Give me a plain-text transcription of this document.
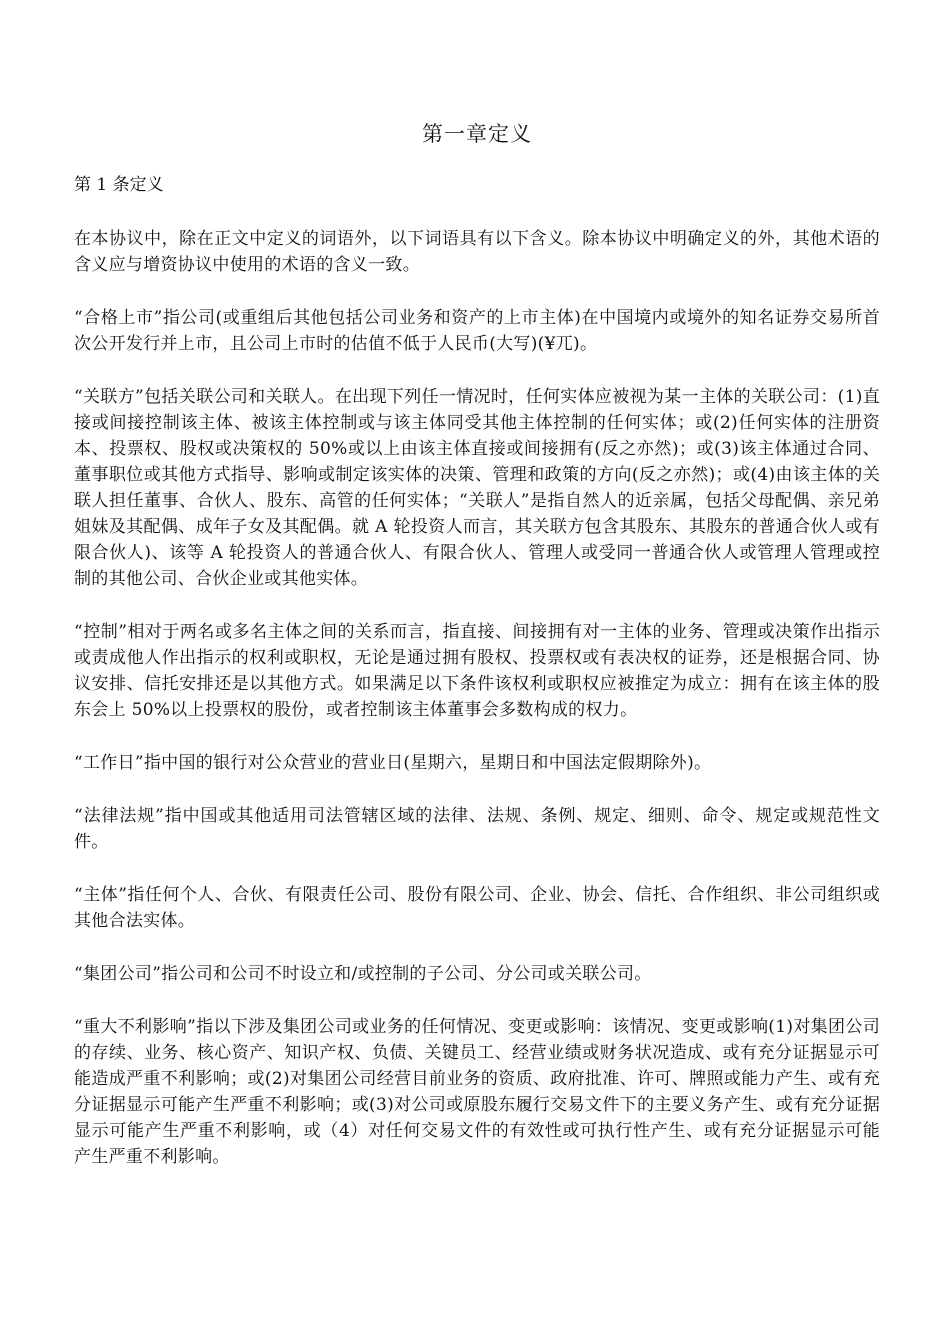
第一章定义
第 1 条定义

在本协议中，除在正文中定义的词语外，以下词语具有以下含义。除本协议中明确定义的外，其他术语的含义应与增资协议中使用的术语的含义一致。

“合格上市”指公司(或重组后其他包括公司业务和资产的上市主体)在中国境内或境外的知名证券交易所首次公开发行并上市，且公司上市时的估值不低于人民币(大写)(¥兀)。

“关联方”包括关联公司和关联人。在出现下列任一情况时，任何实体应被视为某一主体的关联公司：(1)直接或间接控制该主体、被该主体控制或与该主体同受其他主体控制的任何实体；或(2)任何实体的注册资本、投票权、股权或决策权的 50%或以上由该主体直接或间接拥有(反之亦然)；或(3)该主体通过合同、董事职位或其他方式指导、影响或制定该实体的决策、管理和政策的方向(反之亦然)；或(4)由该主体的关联人担任董事、合伙人、股东、高管的任何实体；“关联人”是指自然人的近亲属，包括父母配偶、亲兄弟姐妹及其配偶、成年子女及其配偶。就 A 轮投资人而言，其关联方包含其股东、其股东的普通合伙人或有限合伙人)、该等 A 轮投资人的普通合伙人、有限合伙人、管理人或受同一普通合伙人或管理人管理或控制的其他公司、合伙企业或其他实体。

“控制”相对于两名或多名主体之间的关系而言，指直接、间接拥有对一主体的业务、管理或决策作出指示或责成他人作出指示的权利或职权，无论是通过拥有股权、投票权或有表决权的证券，还是根据合同、协议安排、信托安排还是以其他方式。如果满足以下条件该权利或职权应被推定为成立：拥有在该主体的股东会上 50%以上投票权的股份，或者控制该主体董事会多数构成的权力。

“工作日”指中国的银行对公众营业的营业日(星期六，星期日和中国法定假期除外)。

“法律法规”指中国或其他适用司法管辖区域的法律、法规、条例、规定、细则、命令、规定或规范性文件。

“主体”指任何个人、合伙、有限责任公司、股份有限公司、企业、协会、信托、合作组织、非公司组织或其他合法实体。

“集团公司”指公司和公司不时设立和/或控制的子公司、分公司或关联公司。

“重大不利影响”指以下涉及集团公司或业务的任何情况、变更或影响：该情况、变更或影响(1)对集团公司的存续、业务、核心资产、知识产权、负债、关键员工、经营业绩或财务状况造成、或有充分证据显示可能造成严重不利影响；或(2)对集团公司经营目前业务的资质、政府批准、许可、牌照或能力产生、或有充分证据显示可能产生严重不利影响；或(3)对公司或原股东履行交易文件下的主要义务产生、或有充分证据显示可能产生严重不利影响，或（4）对任何交易文件的有效性或可执行性产生、或有充分证据显示可能产生严重不利影响。
